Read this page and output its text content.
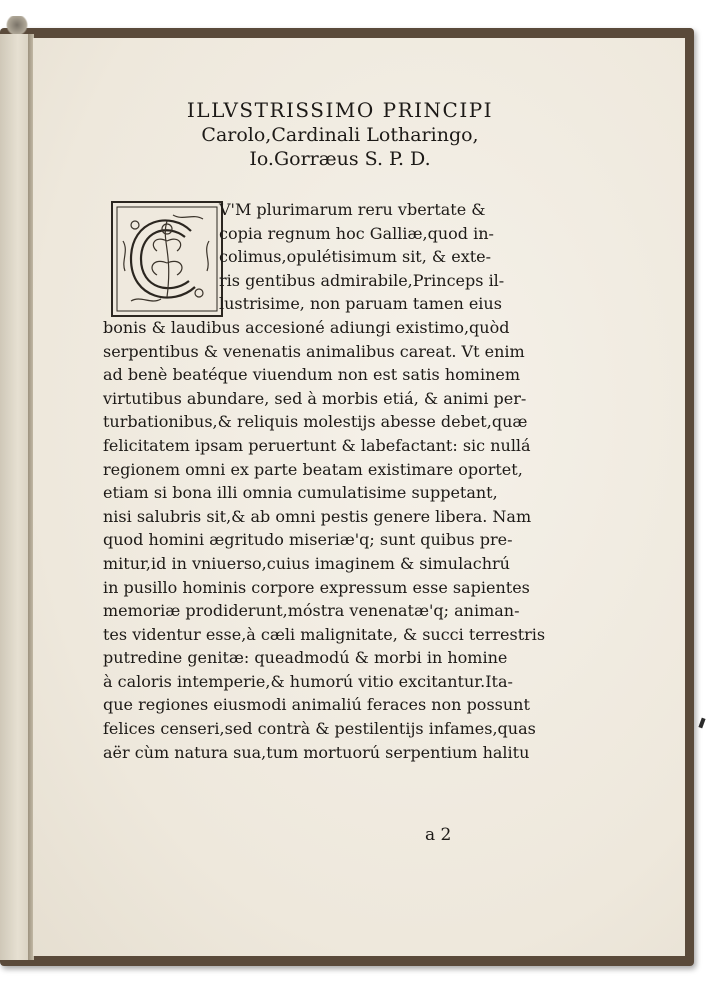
ILLVSTRISSIMO PRINCIPI
Carolo,Cardinali Lotharingo,
Io.Gorræus S. P. D.
V'M plurimarum reru vbertate &
copia regnum hoc Galliæ,quod in-
colimus,opulétisimum sit, & exte-
ris gentibus admirabile,Princeps il-
lustrisime, non paruam tamen eius
bonis & laudibus accesioné adiungi existimo,quòd
serpentibus & venenatis animalibus careat. Vt enim
ad benè beatéque viuendum non est satis hominem
virtutibus abundare, sed à morbis etiá, & animi per-
turbationibus,& reliquis molestijs abesse debet,quæ
felicitatem ipsam peruertunt & labefactant: sic nullá
regionem omni ex parte beatam existimare oportet,
etiam si bona illi omnia cumulatisime suppetant,
nisi salubris sit,& ab omni pestis genere libera. Nam
quod homini ægritudo miseriæ'q; sunt quibus pre-
mitur,id in vniuerso,cuius imaginem & simulachrú
in pusillo hominis corpore expressum esse sapientes
memoriæ prodiderunt,móstra venenatæ'q; animan-
tes videntur esse,à cæli malignitate, & succi terrestris
putredine genitæ: queadmodú & morbi in homine
à caloris intemperie,& humorú vitio excitantur.Ita-
que regiones eiusmodi animaliú feraces non possunt
felices censeri,sed contrà & pestilentijs infames,quas
aër cùm natura sua,tum mortuorú serpentium halitu
a 2
